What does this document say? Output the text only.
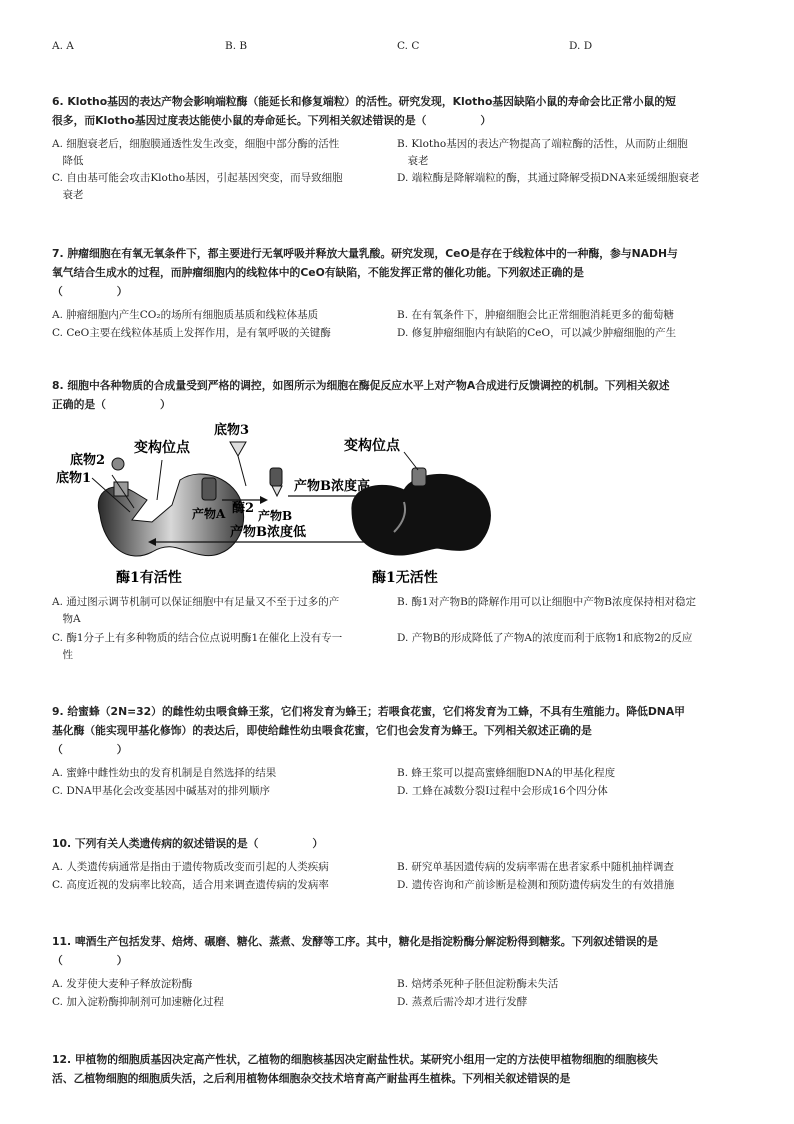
A. A	B. B	C. C	D. D

6. Klotho基因的表达产物会影响端粒酶（能延长和修复端粒）的活性。研究发现，Klotho基因缺陷小鼠的寿命会比正常小鼠的短
很多，而Klotho基因过度表达能使小鼠的寿命延长。下列相关叙述错误的是（　　　　　）

A. 细胞衰老后，细胞膜通透性发生改变，细胞中部分酶的活性
　降低
B. Klotho基因的表达产物提高了端粒酶的活性，从而防止细胞
　衰老
C. 自由基可能会攻击Klotho基因，引起基因突变，而导致细胞
　衰老
D. 端粒酶是降解端粒的酶，其通过降解受损DNA来延缓细胞衰老

7. 肿瘤细胞在有氧无氧条件下，都主要进行无氧呼吸并释放大量乳酸。研究发现，CeO是存在于线粒体中的一种酶，参与NADH与
氧气结合生成水的过程，而肿瘤细胞内的线粒体中的CeO有缺陷，不能发挥正常的催化功能。下列叙述正确的是
（　　　　　）

A. 肿瘤细胞内产生CO₂的场所有细胞质基质和线粒体基质	B. 在有氧条件下，肿瘤细胞会比正常细胞消耗更多的葡萄糖
C. CeO主要在线粒体基质上发挥作用，是有氧呼吸的关键酶	D. 修复肿瘤细胞内有缺陷的CeO，可以减少肿瘤细胞的产生

8. 细胞中各种物质的合成量受到严格的调控，如图所示为细胞在酶促反应水平上对产物A合成进行反馈调控的机制。下列相关叙述
正确的是（　　　　　）

底物2
底物1
变构位点
产物A 酶2
底物3
产物B
产物B浓度高
产物B浓度低
变构位点
酶1有活性	酶1无活性
A. 通过图示调节机制可以保证细胞中有足量又不至于过多的产
　物A
B. 酶1对产物B的降解作用可以让细胞中产物B浓度保持相对稳定
C. 酶1分子上有多种物质的结合位点说明酶1在催化上没有专一
　性
D. 产物B的形成降低了产物A的浓度而利于底物1和底物2的反应

9. 给蜜蜂（2N=32）的雌性幼虫喂食蜂王浆，它们将发育为蜂王；若喂食花蜜，它们将发育为工蜂，不具有生殖能力。降低DNA甲
基化酶（能实现甲基化修饰）的表达后，即使给雌性幼虫喂食花蜜，它们也会发育为蜂王。下列相关叙述正确的是
（　　　　　）

A. 蜜蜂中雌性幼虫的发育机制是自然选择的结果	B. 蜂王浆可以提高蜜蜂细胞DNA的甲基化程度
C. DNA甲基化会改变基因中碱基对的排列顺序	D. 工蜂在减数分裂Ⅰ过程中会形成16个四分体

10. 下列有关人类遗传病的叙述错误的是（　　　　　）

A. 人类遗传病通常是指由于遗传物质改变而引起的人类疾病	B. 研究单基因遗传病的发病率需在患者家系中随机抽样调查
C. 高度近视的发病率比较高，适合用来调查遗传病的发病率	D. 遗传咨询和产前诊断是检测和预防遗传病发生的有效措施

11. 啤酒生产包括发芽、焙烤、碾磨、糖化、蒸煮、发酵等工序。其中，糖化是指淀粉酶分解淀粉得到糖浆。下列叙述错误的是
（　　　　　）

A. 发芽使大麦种子释放淀粉酶	B. 焙烤杀死种子胚但淀粉酶未失活
C. 加入淀粉酶抑制剂可加速糖化过程	D. 蒸煮后需冷却才进行发酵

12. 甲植物的细胞质基因决定高产性状，乙植物的细胞核基因决定耐盐性状。某研究小组用一定的方法使甲植物细胞的细胞核失
活、乙植物细胞的细胞质失活，之后利用植物体细胞杂交技术培育高产耐盐再生植株。下列相关叙述错误的是
